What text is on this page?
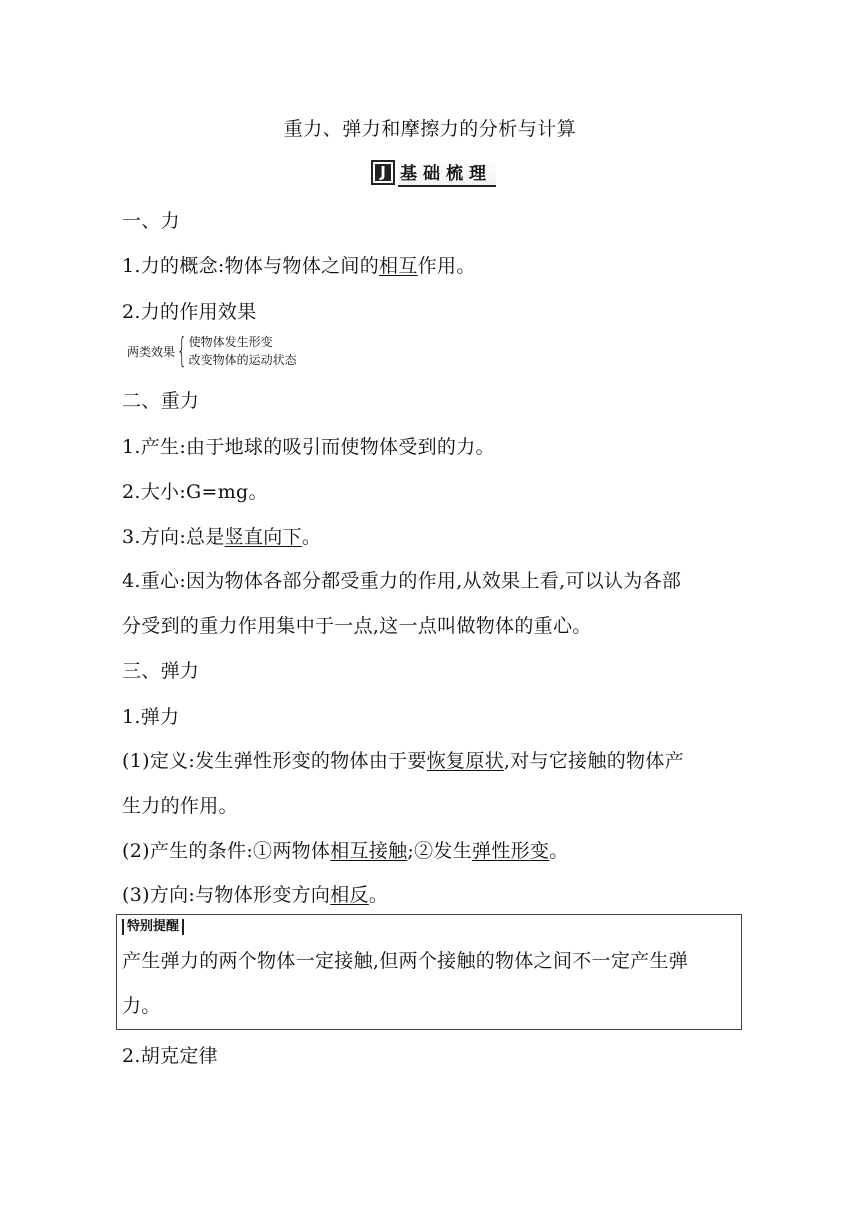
重力、弹力和摩擦力的分析与计算
J 基础梳理
一、力
1.力的概念:物体与物体之间的相互作用。
2.力的作用效果
两类效果 { 使物体发生形变
改变物体的运动状态
二、重力
1.产生:由于地球的吸引而使物体受到的力。
2.大小:G=mg。
3.方向:总是竖直向下。
4.重心:因为物体各部分都受重力的作用,从效果上看,可以认为各部
分受到的重力作用集中于一点,这一点叫做物体的重心。
三、弹力
1.弹力
(1)定义:发生弹性形变的物体由于要恢复原状,对与它接触的物体产
生力的作用。
(2)产生的条件:①两物体相互接触;②发生弹性形变。
(3)方向:与物体形变方向相反。
特别提醒
产生弹力的两个物体一定接触,但两个接触的物体之间不一定产生弹
力。
2.胡克定律
